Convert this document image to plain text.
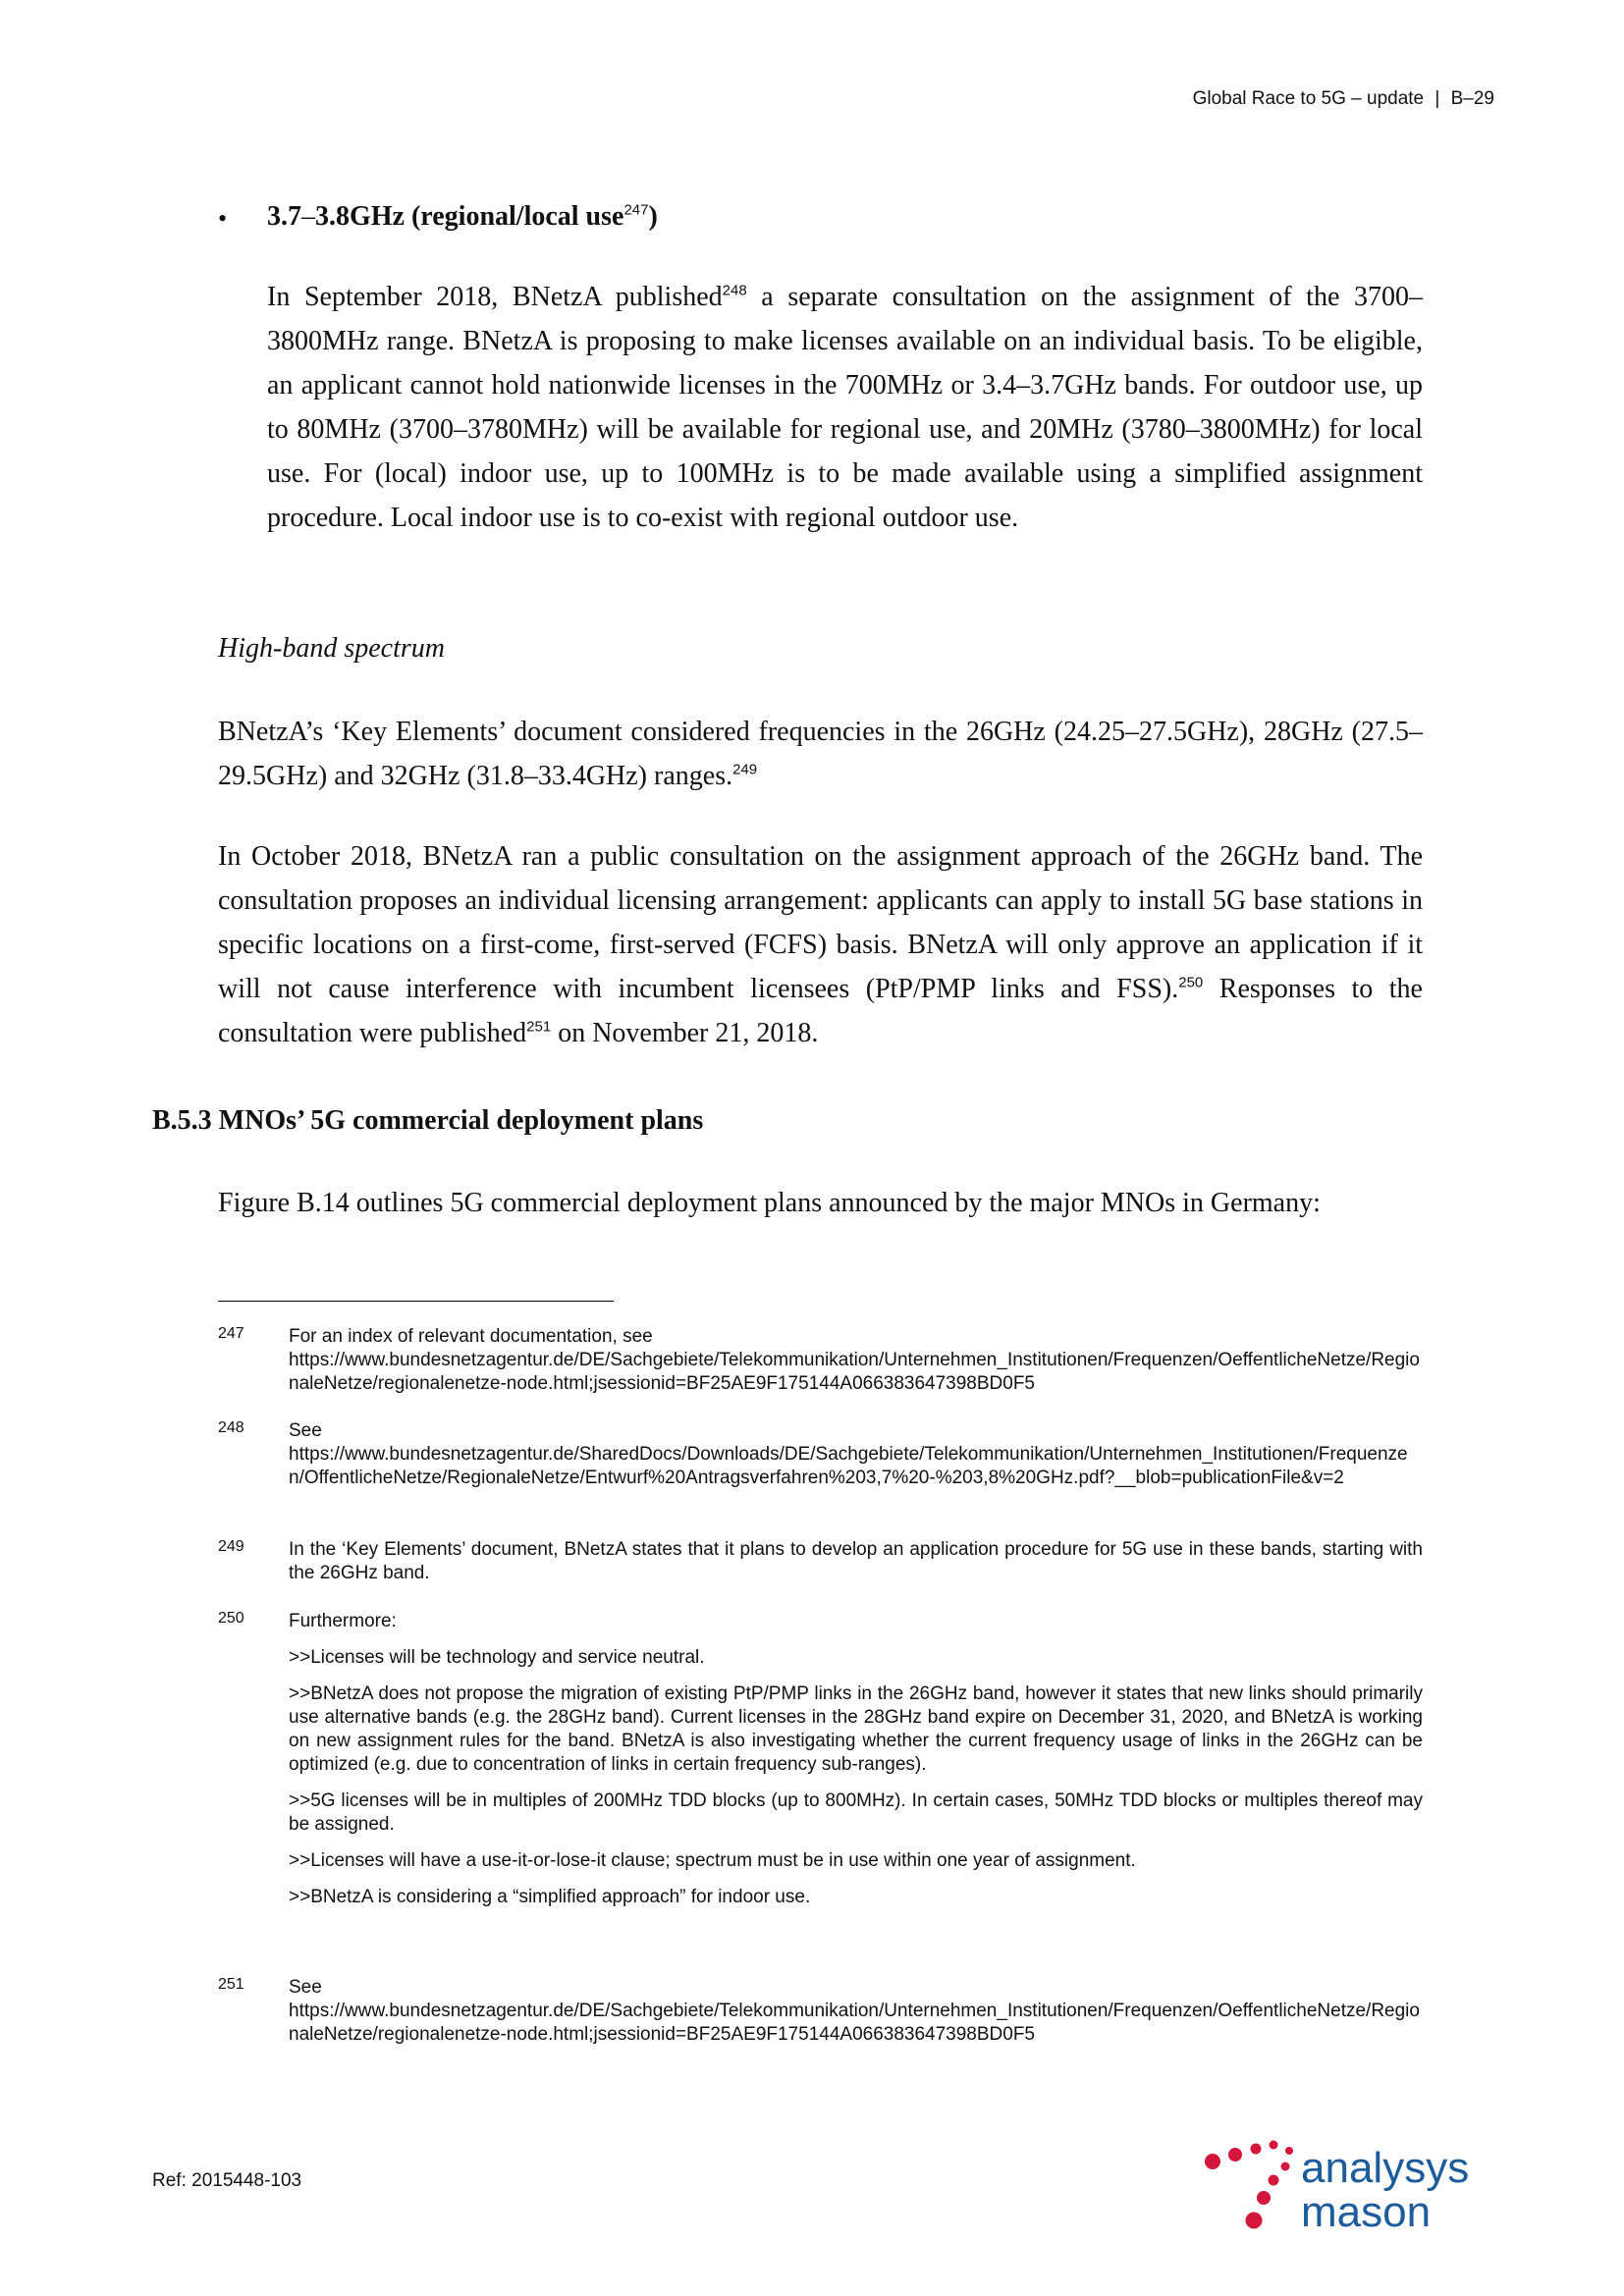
Global Race to 5G – update | B–29
• 3.7–3.8GHz (regional/local use$^{247}$)
In September 2018, BNetzA published$^{248}$ a separate consultation on the assignment of the 3700–3800MHz range. BNetzA is proposing to make licenses available on an individual basis. To be eligible, an applicant cannot hold nationwide licenses in the 700MHz or 3.4–3.7GHz bands. For outdoor use, up to 80MHz (3700–3780MHz) will be available for regional use, and 20MHz (3780–3800MHz) for local use. For (local) indoor use, up to 100MHz is to be made available using a simplified assignment procedure. Local indoor use is to co-exist with regional outdoor use.
High-band spectrum
BNetzA’s ‘Key Elements’ document considered frequencies in the 26GHz (24.25–27.5GHz), 28GHz (27.5–29.5GHz) and 32GHz (31.8–33.4GHz) ranges.$^{249}$
In October 2018, BNetzA ran a public consultation on the assignment approach of the 26GHz band. The consultation proposes an individual licensing arrangement: applicants can apply to install 5G base stations in specific locations on a first-come, first-served (FCFS) basis. BNetzA will only approve an application if it will not cause interference with incumbent licensees (PtP/PMP links and FSS).$^{250}$ Responses to the consultation were published$^{251}$ on November 21, 2018.
B.5.3 MNOs’ 5G commercial deployment plans
Figure B.14 outlines 5G commercial deployment plans announced by the major MNOs in Germany:
247 For an index of relevant documentation, see
https://www.bundesnetzagentur.de/DE/Sachgebiete/Telekommunikation/Unternehmen_Institutionen/Frequenzen/OeffentlicheNetze/RegionaleNetze/regionalenetze-node.html;jsessionid=BF25AE9F175144A066383647398BD0F5

248 See
https://www.bundesnetzagentur.de/SharedDocs/Downloads/DE/Sachgebiete/Telekommunikation/Unternehmen_Institutionen/Frequenzen/OffentlicheNetze/RegionaleNetze/Entwurf%20Antragsverfahren%203,7%20-%203,8%20GHz.pdf?__blob=publicationFile&v=2

249 In the ‘Key Elements’ document, BNetzA states that it plans to develop an application procedure for 5G use in these bands, starting with the 26GHz band.

250 Furthermore:

>>Licenses will be technology and service neutral.

>>BNetzA does not propose the migration of existing PtP/PMP links in the 26GHz band, however it states that new links should primarily use alternative bands (e.g. the 28GHz band). Current licenses in the 28GHz band expire on December 31, 2020, and BNetzA is working on new assignment rules for the band. BNetzA is also investigating whether the current frequency usage of links in the 26GHz can be optimized (e.g. due to concentration of links in certain frequency sub-ranges).

>>5G licenses will be in multiples of 200MHz TDD blocks (up to 800MHz). In certain cases, 50MHz TDD blocks or multiples thereof may be assigned.

>>Licenses will have a use-it-or-lose-it clause; spectrum must be in use within one year of assignment.

>>BNetzA is considering a “simplified approach” for indoor use.

251 See
https://www.bundesnetzagentur.de/DE/Sachgebiete/Telekommunikation/Unternehmen_Institutionen/Frequenzen/OeffentlicheNetze/RegionaleNetze/regionalenetze-node.html;jsessionid=BF25AE9F175144A066383647398BD0F5

Ref: 2015448-103	analysys
mason
